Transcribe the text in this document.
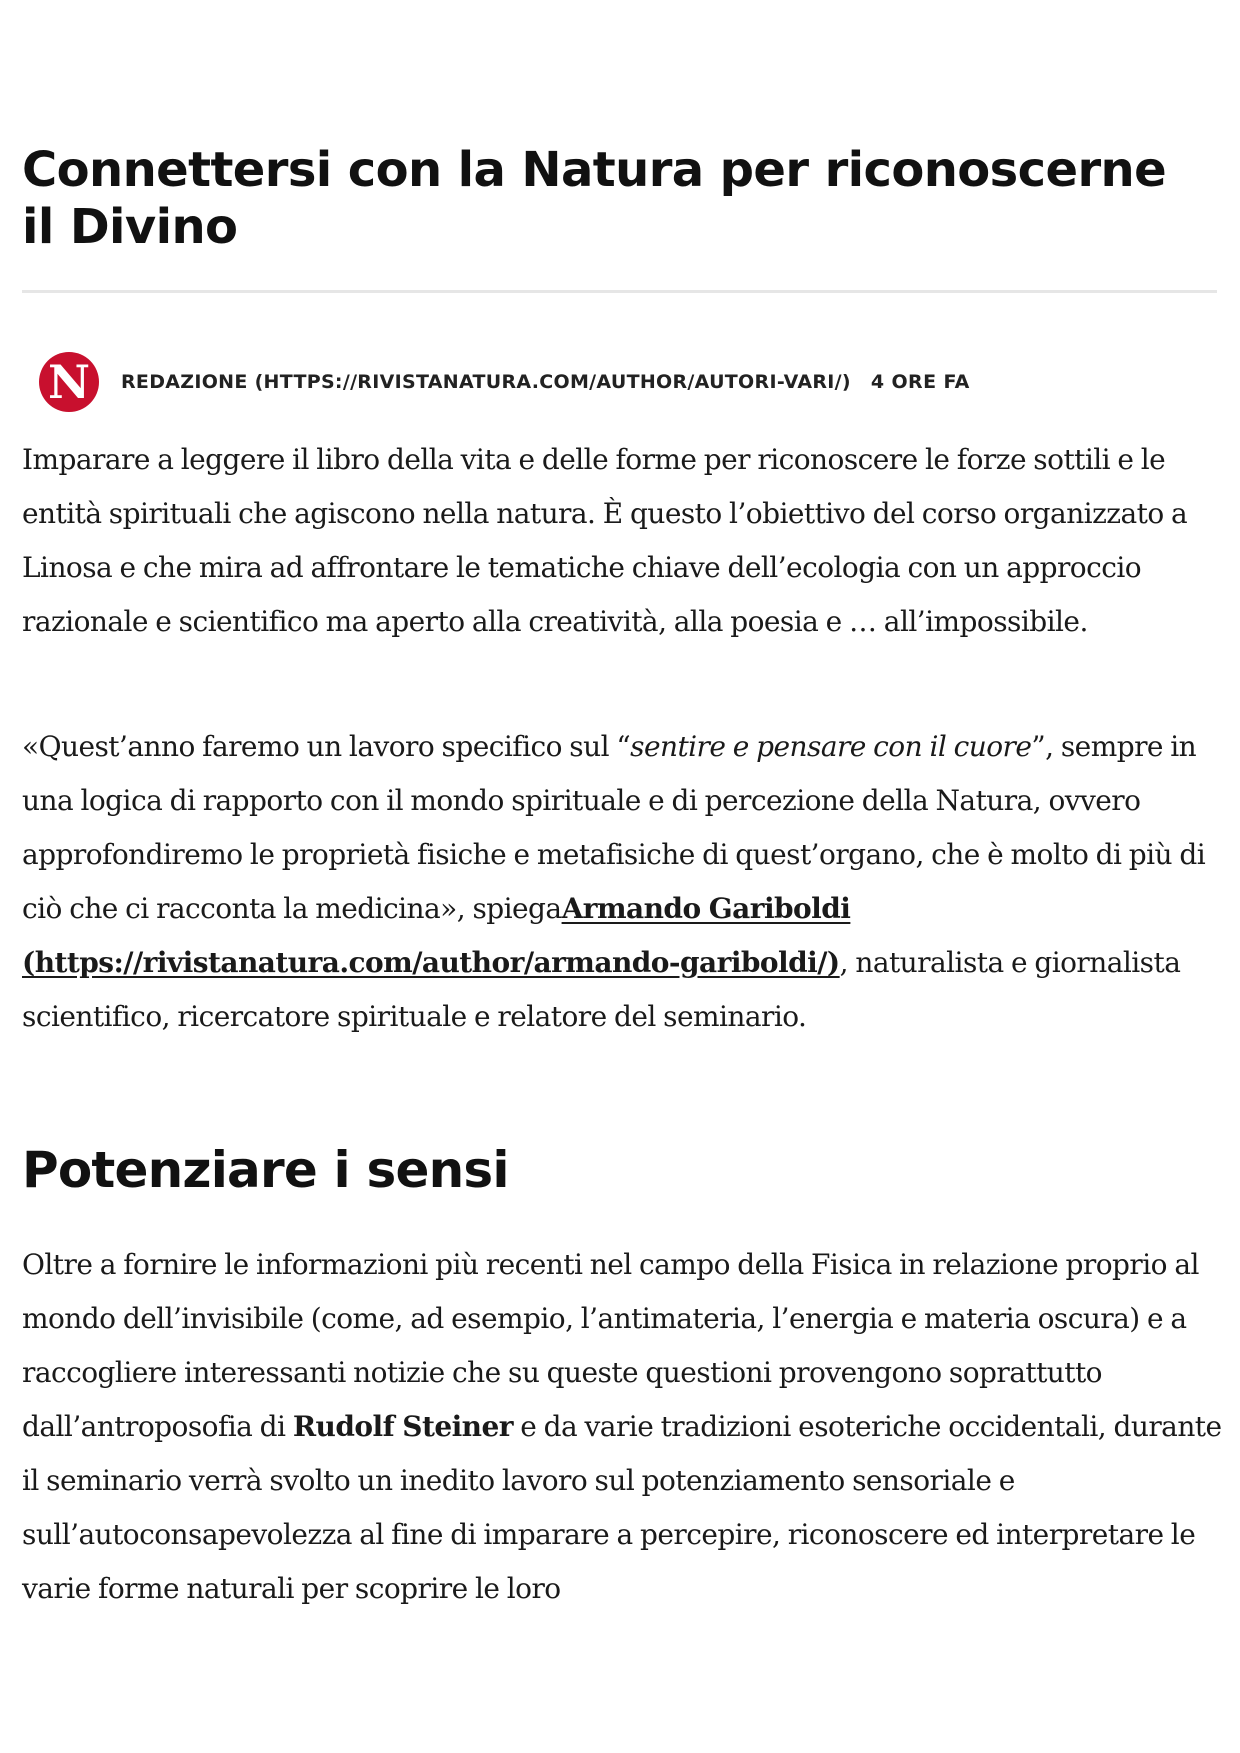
Connettersi con la Natura per riconoscerne il Divino
N REDAZIONE (HTTPS://RIVISTANATURA.COM/AUTHOR/AUTORI-VARI/) 4 ORE FA

Imparare a leggere il libro della vita e delle forme per riconoscere le forze sottili e le entità spirituali che agiscono nella natura. È questo l’obiettivo del corso organizzato a Linosa e che mira ad affrontare le tematiche chiave dell’ecologia con un approccio razionale e scientifico ma aperto alla creatività, alla poesia e … all’impossibile.

«Quest’anno faremo un lavoro specifico sul “sentire e pensare con il cuore”, sempre in una logica di rapporto con il mondo spirituale e di percezione della Natura, ovvero approfondiremo le proprietà fisiche e metafisiche di quest’organo, che è molto di più di ciò che ci racconta la medicina», spiegaArmando Gariboldi (https://rivistanatura.com/author/armando-gariboldi/), naturalista e giornalista scientifico, ricercatore spirituale e relatore del seminario.

Potenziare i sensi

Oltre a fornire le informazioni più recenti nel campo della Fisica in relazione proprio al mondo dell’invisibile (come, ad esempio, l’antimateria, l’energia e materia oscura) e a raccogliere interessanti notizie che su queste questioni provengono soprattutto dall’antroposofia di Rudolf Steiner e da varie tradizioni esoteriche occidentali, durante il seminario verrà svolto un inedito lavoro sul potenziamento sensoriale e sull’autoconsapevolezza al fine di imparare a percepire, riconoscere ed interpretare le varie forme naturali per scoprire le loro
